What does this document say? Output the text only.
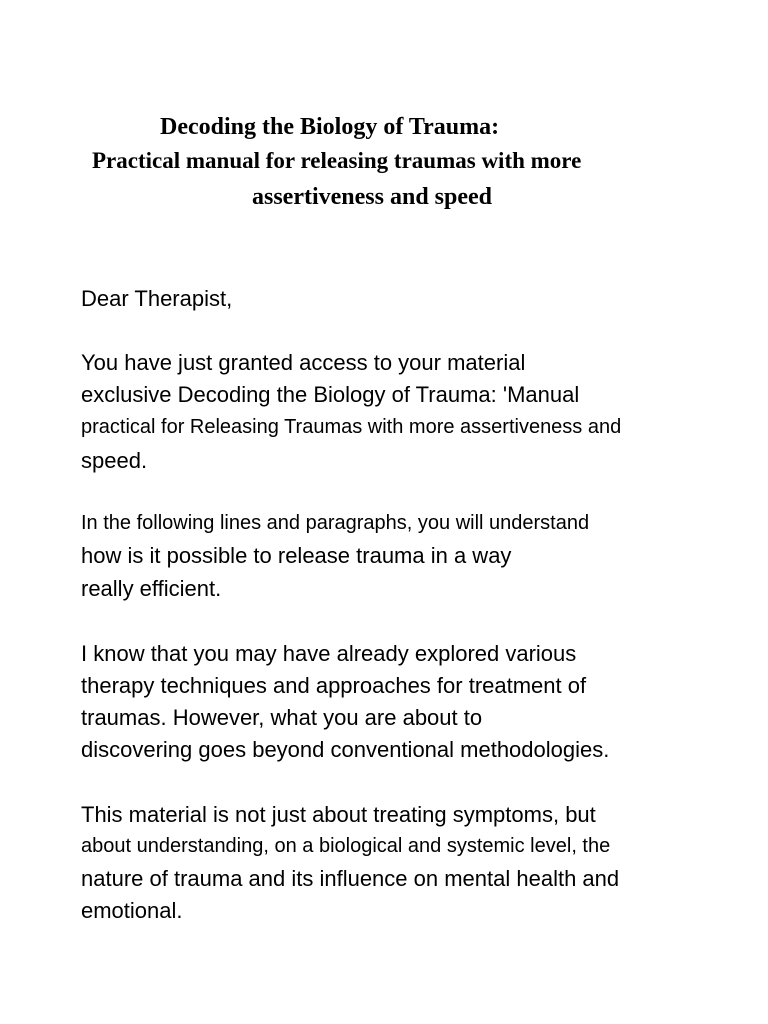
Decoding the Biology of Trauma:
Practical manual for releasing traumas with more
assertiveness and speed
Dear Therapist,
You have just granted access to your material
exclusive Decoding the Biology of Trauma: 'Manual
practical for Releasing Traumas with more assertiveness and
speed.
In the following lines and paragraphs, you will understand
how is it possible to release trauma in a way
really efficient.
I know that you may have already explored various
therapy techniques and approaches for treatment of
traumas. However, what you are about to
discovering goes beyond conventional methodologies.
This material is not just about treating symptoms, but
about understanding, on a biological and systemic level, the
nature of trauma and its influence on mental health and
emotional.
